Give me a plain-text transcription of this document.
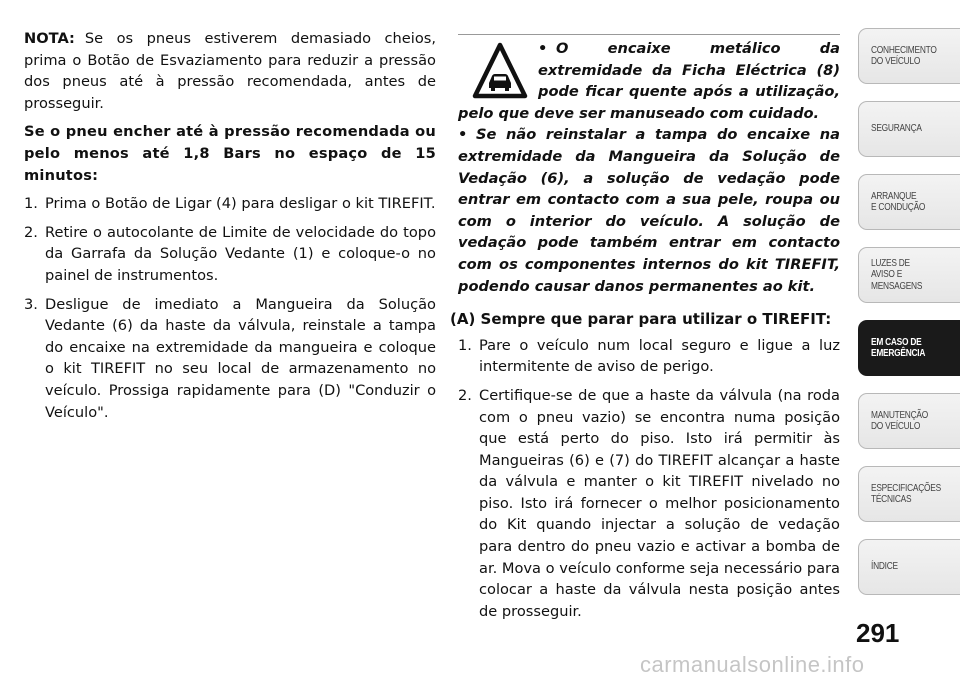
NOTA: Se os pneus estiverem demasiado cheios, prima o Botão de Esvaziamento para reduzir a pressão dos pneus até à pressão recomendada, antes de prosseguir.

Se o pneu encher até à pressão recomendada ou pelo menos até 1,8 Bars no espaço de 15 minutos:

1. Prima o Botão de Ligar (4) para desligar o kit TIREFIT.
2. Retire o autocolante de Limite de velocidade do topo da Garrafa da Solução Vedante (1) e coloque-o no painel de instrumentos.
3. Desligue de imediato a Mangueira da Solução Vedante (6) da haste da válvula, reinstale a tampa do encaixe na extremidade da mangueira e coloque o kit TIREFIT no seu local de armazenamento no veículo. Prossiga rapidamente para (D) "Conduzir o Veículo".

• O encaixe metálico da extremidade da Ficha Eléctrica (8) pode ficar quente após a utilização, pelo que deve ser manuseado com cuidado.

• Se não reinstalar a tampa do encaixe na extremidade da Mangueira da Solução de Vedação (6), a solução de vedação pode entrar em contacto com a sua pele, roupa ou com o interior do veículo. A solução de vedação pode também entrar em contacto com os componentes internos do kit TIREFIT, podendo causar danos permanentes ao kit.

(A) Sempre que parar para utilizar o TIREFIT:
1. Pare o veículo num local seguro e ligue a luz intermitente de aviso de perigo.
2. Certifique-se de que a haste da válvula (na roda com o pneu vazio) se encontra numa posição que está perto do piso. Isto irá permitir às Mangueiras (6) e (7) do TIREFIT alcançar a haste da válvula e manter o kit TIREFIT nivelado no piso. Isto irá fornecer o melhor posicionamento do Kit quando injectar a solução de vedação para dentro do pneu vazio e activar a bomba de ar. Mova o veículo conforme seja necessário para colocar a haste da válvula nesta posição antes de prosseguir.
CONHECIMENTO
DO VEÍCULO
SEGURANÇA
ARRANQUE
E CONDUÇÃO
LUZES DE
AVISO E
MENSAGENS
EM CASO DE
EMERGÊNCIA
MANUTENÇÃO
DO VEÍCULO
ESPECIFICAÇÕES
TÉCNICAS
ÍNDICE
291
carmanualsonline.info
